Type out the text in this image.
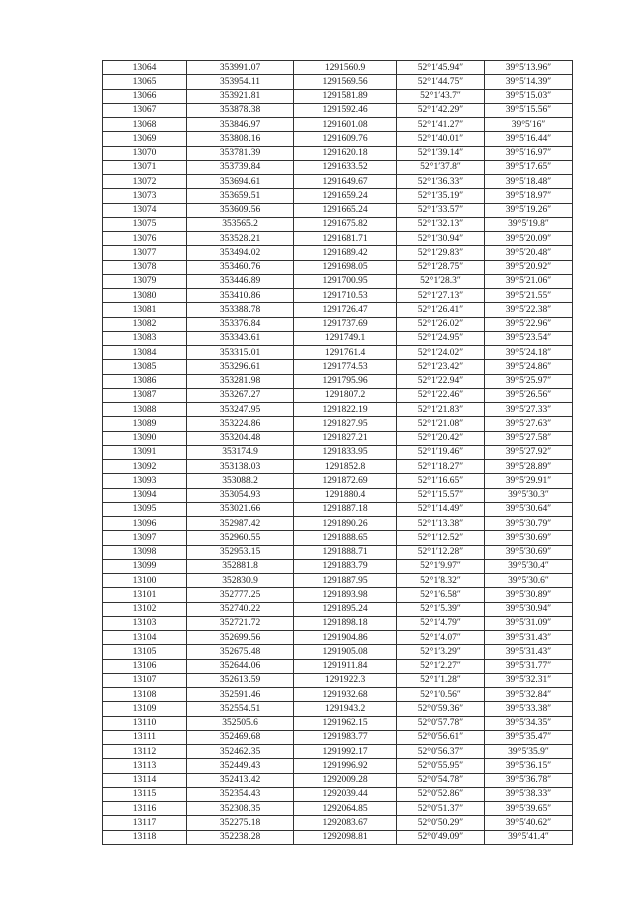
13064	353991.07	1291560.9	52°1′45.94″	39°5′13.96″
13065	353954.11	1291569.56	52°1′44.75″	39°5′14.39″
13066	353921.81	1291581.89	52°1′43.7″	39°5′15.03″
13067	353878.38	1291592.46	52°1′42.29″	39°5′15.56″
13068	353846.97	1291601.08	52°1′41.27″	39°5′16″
13069	353808.16	1291609.76	52°1′40.01″	39°5′16.44″
13070	353781.39	1291620.18	52°1′39.14″	39°5′16.97″
13071	353739.84	1291633.52	52°1′37.8″	39°5′17.65″
13072	353694.61	1291649.67	52°1′36.33″	39°5′18.48″
13073	353659.51	1291659.24	52°1′35.19″	39°5′18.97″
13074	353609.56	1291665.24	52°1′33.57″	39°5′19.26″
13075	353565.2	1291675.82	52°1′32.13″	39°5′19.8″
13076	353528.21	1291681.71	52°1′30.94″	39°5′20.09″
13077	353494.02	1291689.42	52°1′29.83″	39°5′20.48″
13078	353460.76	1291698.05	52°1′28.75″	39°5′20.92″
13079	353446.89	1291700.95	52°1′28.3″	39°5′21.06″
13080	353410.86	1291710.53	52°1′27.13″	39°5′21.55″
13081	353388.78	1291726.47	52°1′26.41″	39°5′22.38″
13082	353376.84	1291737.69	52°1′26.02″	39°5′22.96″
13083	353343.61	1291749.1	52°1′24.95″	39°5′23.54″
13084	353315.01	1291761.4	52°1′24.02″	39°5′24.18″
13085	353296.61	1291774.53	52°1′23.42″	39°5′24.86″
13086	353281.98	1291795.96	52°1′22.94″	39°5′25.97″
13087	353267.27	1291807.2	52°1′22.46″	39°5′26.56″
13088	353247.95	1291822.19	52°1′21.83″	39°5′27.33″
13089	353224.86	1291827.95	52°1′21.08″	39°5′27.63″
13090	353204.48	1291827.21	52°1′20.42″	39°5′27.58″
13091	353174.9	1291833.95	52°1′19.46″	39°5′27.92″
13092	353138.03	1291852.8	52°1′18.27″	39°5′28.89″
13093	353088.2	1291872.69	52°1′16.65″	39°5′29.91″
13094	353054.93	1291880.4	52°1′15.57″	39°5′30.3″
13095	353021.66	1291887.18	52°1′14.49″	39°5′30.64″
13096	352987.42	1291890.26	52°1′13.38″	39°5′30.79″
13097	352960.55	1291888.65	52°1′12.52″	39°5′30.69″
13098	352953.15	1291888.71	52°1′12.28″	39°5′30.69″
13099	352881.8	1291883.79	52°1′9.97″	39°5′30.4″
13100	352830.9	1291887.95	52°1′8.32″	39°5′30.6″
13101	352777.25	1291893.98	52°1′6.58″	39°5′30.89″
13102	352740.22	1291895.24	52°1′5.39″	39°5′30.94″
13103	352721.72	1291898.18	52°1′4.79″	39°5′31.09″
13104	352699.56	1291904.86	52°1′4.07″	39°5′31.43″
13105	352675.48	1291905.08	52°1′3.29″	39°5′31.43″
13106	352644.06	1291911.84	52°1′2.27″	39°5′31.77″
13107	352613.59	1291922.3	52°1′1.28″	39°5′32.31″
13108	352591.46	1291932.68	52°1′0.56″	39°5′32.84″
13109	352554.51	1291943.2	52°0′59.36″	39°5′33.38″
13110	352505.6	1291962.15	52°0′57.78″	39°5′34.35″
13111	352469.68	1291983.77	52°0′56.61″	39°5′35.47″
13112	352462.35	1291992.17	52°0′56.37″	39°5′35.9″
13113	352449.43	1291996.92	52°0′55.95″	39°5′36.15″
13114	352413.42	1292009.28	52°0′54.78″	39°5′36.78″
13115	352354.43	1292039.44	52°0′52.86″	39°5′38.33″
13116	352308.35	1292064.85	52°0′51.37″	39°5′39.65″
13117	352275.18	1292083.67	52°0′50.29″	39°5′40.62″
13118	352238.28	1292098.81	52°0′49.09″	39°5′41.4″
